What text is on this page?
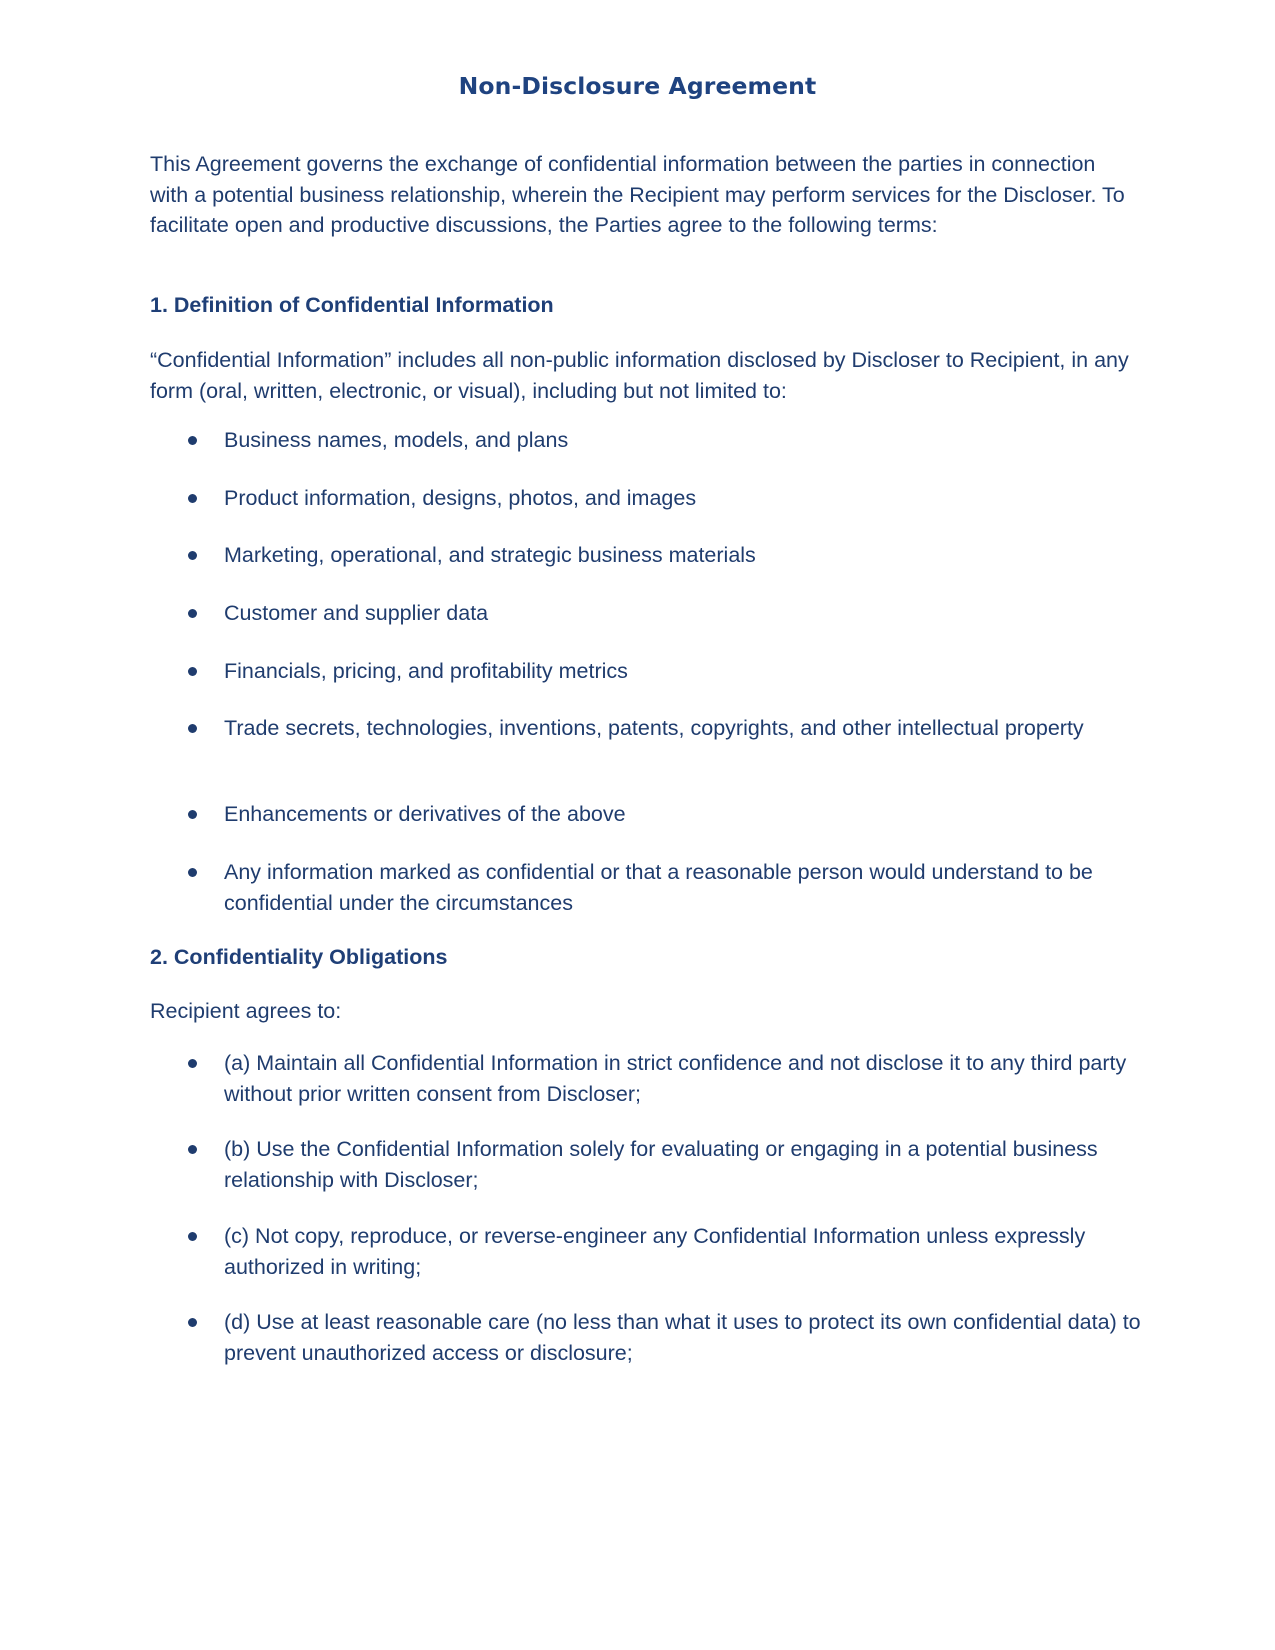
Non-Disclosure Agreement

This Agreement governs the exchange of confidential information between the parties in connection with a potential business relationship, wherein the Recipient may perform services for the Discloser. To facilitate open and productive discussions, the Parties agree to the following terms:

1. Definition of Confidential Information

“Confidential Information” includes all non-public information disclosed by Discloser to Recipient, in any form (oral, written, electronic, or visual), including but not limited to:

Business names, models, and plans
Product information, designs, photos, and images
Marketing, operational, and strategic business materials
Customer and supplier data
Financials, pricing, and profitability metrics
Trade secrets, technologies, inventions, patents, copyrights, and other intellectual property
Enhancements or derivatives of the above
Any information marked as confidential or that a reasonable person would understand to be confidential under the circumstances
2. Confidentiality Obligations

Recipient agrees to:

(a) Maintain all Confidential Information in strict confidence and not disclose it to any third party without prior written consent from Discloser;
(b) Use the Confidential Information solely for evaluating or engaging in a potential business relationship with Discloser;
(c) Not copy, reproduce, or reverse-engineer any Confidential Information unless expressly authorized in writing;
(d) Use at least reasonable care (no less than what it uses to protect its own confidential data) to prevent unauthorized access or disclosure;
